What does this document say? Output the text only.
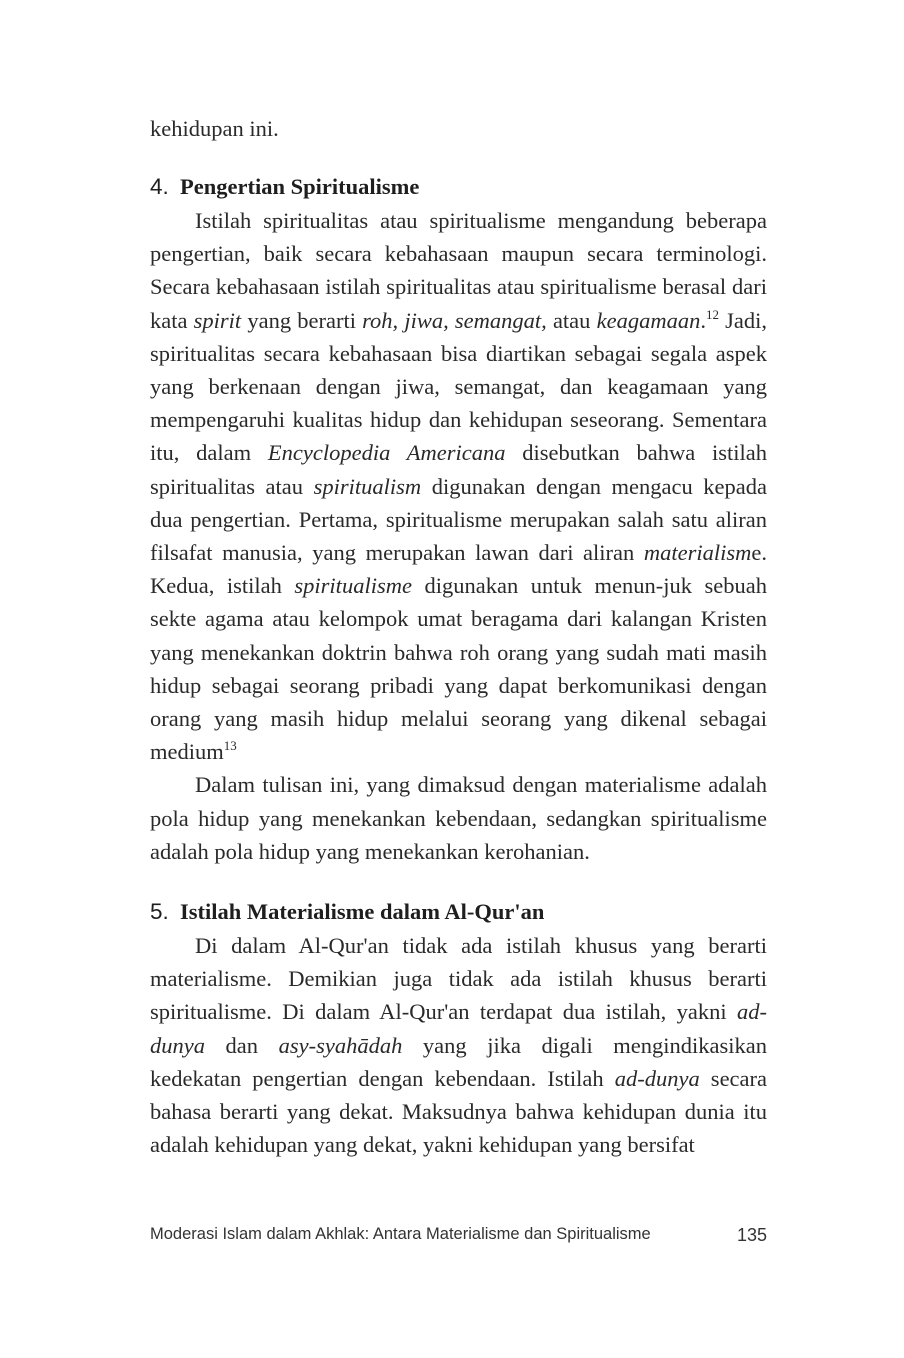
kehidupan ini.

4. Pengertian Spiritualisme

Istilah spiritualitas atau spiritualisme mengandung beberapa pengertian, baik secara kebahasaan maupun secara terminologi. Secara kebahasaan istilah spiritualitas atau spiritualisme berasal dari kata spirit yang berarti roh, jiwa, semangat, atau keagamaan.$^{12}$ Jadi, spiritualitas secara kebahasaan bisa diartikan sebagai segala aspek yang berkenaan dengan jiwa, semangat, dan keagamaan yang mempengaruhi kualitas hidup dan kehidupan seseorang. Sementara itu, dalam Encyclopedia Americana disebutkan bahwa istilah spiritualitas atau spiritualism digunakan dengan mengacu kepada dua pengertian. Pertama, spiritualisme merupakan salah satu aliran filsafat manusia, yang merupakan lawan dari aliran materialisme. Kedua, istilah spiritualisme digunakan untuk menun-juk sebuah sekte agama atau kelompok umat beragama dari kalangan Kristen yang menekankan doktrin bahwa roh orang yang sudah mati masih hidup sebagai seorang pribadi yang dapat berkomunikasi dengan orang yang masih hidup melalui seorang yang dikenal sebagai medium$^{13}$

Dalam tulisan ini, yang dimaksud dengan materialisme adalah pola hidup yang menekankan kebendaan, sedangkan spiritualisme adalah pola hidup yang menekankan kerohanian.

5. Istilah Materialisme dalam Al-Qur'an

Di dalam Al-Qur'an tidak ada istilah khusus yang berarti materialisme. Demikian juga tidak ada istilah khusus berarti spiritualisme. Di dalam Al-Qur'an terdapat dua istilah, yakni ad-dunya dan asy-syahādah yang jika digali mengindikasikan kedekatan pengertian dengan kebendaan. Istilah ad-dunya secara bahasa berarti yang dekat. Maksudnya bahwa kehidupan dunia itu adalah kehidupan yang dekat, yakni kehidupan yang bersifat

Moderasi Islam dalam Akhlak: Antara Materialisme dan Spiritualisme	135
